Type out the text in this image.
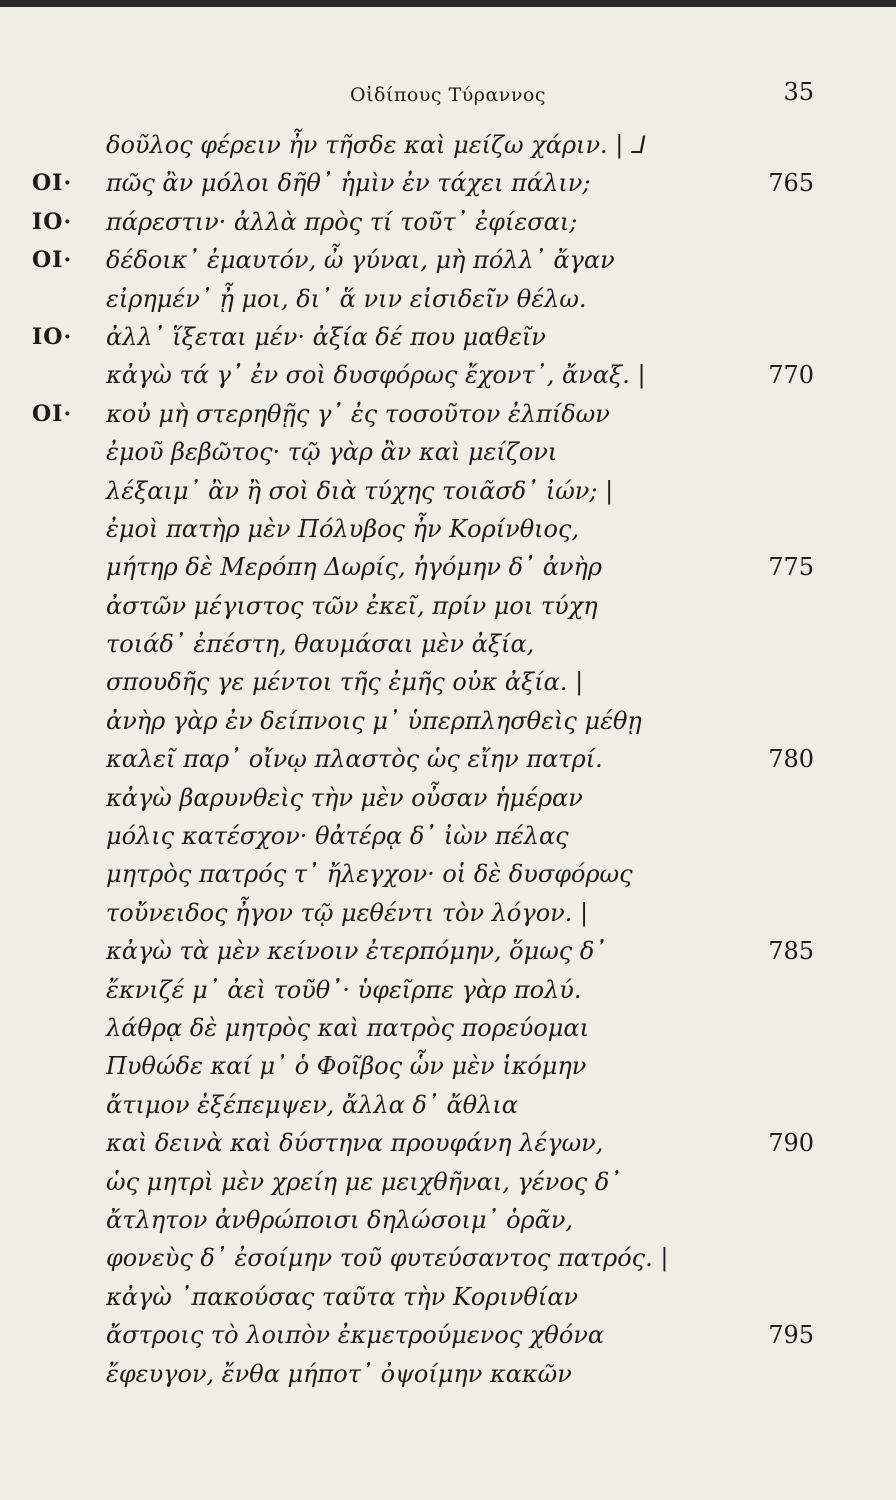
Οἰδίπους Τύραννος	35
δοῦλος φέρειν ἦν τῆσδε καὶ μείζω χάριν. | ⅃
ΟΙ· πῶς ἂν μόλοι δῆθ᾽ ἡμὶν ἐν τάχει πάλιν;	765
ΙΟ· πάρεστιν· ἀλλὰ πρὸς τί τοῦτ᾽ ἐφίεσαι;
ΟΙ· δέδοικ᾽ ἐμαυτόν, ὦ γύναι, μὴ πόλλ᾽ ἄγαν
εἰρημέν᾽ ᾖ μοι, δι᾽ ἅ νιν εἰσιδεῖν θέλω.
ΙΟ· ἀλλ᾽ ἵξεται μέν· ἀξία δέ που μαθεῖν
κἀγὼ τά γ᾽ ἐν σοὶ δυσφόρως ἔχοντ᾽, ἄναξ. |	770
ΟΙ· κοὐ μὴ στερηθῇς γ᾽ ἐς τοσοῦτον ἐλπίδων
ἐμοῦ βεβῶτος· τῷ γὰρ ἂν καὶ μείζονι
λέξαιμ᾽ ἂν ἢ σοὶ διὰ τύχης τοιᾶσδ᾽ ἰών; |
ἐμοὶ πατὴρ μὲν Πόλυβος ἦν Κορίνθιος,
μήτηρ δὲ Μερόπη Δωρίς, ἠγόμην δ᾽ ἀνὴρ	775
ἀστῶν μέγιστος τῶν ἐκεῖ, πρίν μοι τύχη
τοιάδ᾽ ἐπέστη, θαυμάσαι μὲν ἀξία,
σπουδῆς γε μέντοι τῆς ἐμῆς οὐκ ἀξία. |
ἀνὴρ γὰρ ἐν δείπνοις μ᾽ ὑπερπλησθεὶς μέθῃ
καλεῖ παρ᾽ οἴνῳ πλαστὸς ὡς εἴην πατρί.	780
κἀγὼ βαρυνθεὶς τὴν μὲν οὖσαν ἡμέραν
μόλις κατέσχον· θἀτέρᾳ δ᾽ ἰὼν πέλας
μητρὸς πατρός τ᾽ ἤλεγχον· οἱ δὲ δυσφόρως
τοὔνειδος ἦγον τῷ μεθέντι τὸν λόγον. |
κἀγὼ τὰ μὲν κείνοιν ἐτερπόμην, ὅμως δ᾽	785
ἔκνιζέ μ᾽ ἀεὶ τοῦθ᾽· ὑφεῖρπε γὰρ πολύ.
λάθρᾳ δὲ μητρὸς καὶ πατρὸς πορεύομαι
Πυθώδε καί μ᾽ ὁ Φοῖβος ὧν μὲν ἱκόμην
ἄτιμον ἐξέπεμψεν, ἄλλα δ᾽ ἄθλια
καὶ δεινὰ καὶ δύστηνα προυφάνη λέγων,	790
ὡς μητρὶ μὲν χρείη με μειχθῆναι, γένος δ᾽
ἄτλητον ἀνθρώποισι δηλώσοιμ᾽ ὁρᾶν,
φονεὺς δ᾽ ἐσοίμην τοῦ φυτεύσαντος πατρός. |
κἀγὼ ᾽πακούσας ταῦτα τὴν Κορινθίαν
ἄστροις τὸ λοιπὸν ἐκμετρούμενος χθόνα	795
ἔφευγον, ἔνθα μήποτ᾽ ὀψοίμην κακῶν
